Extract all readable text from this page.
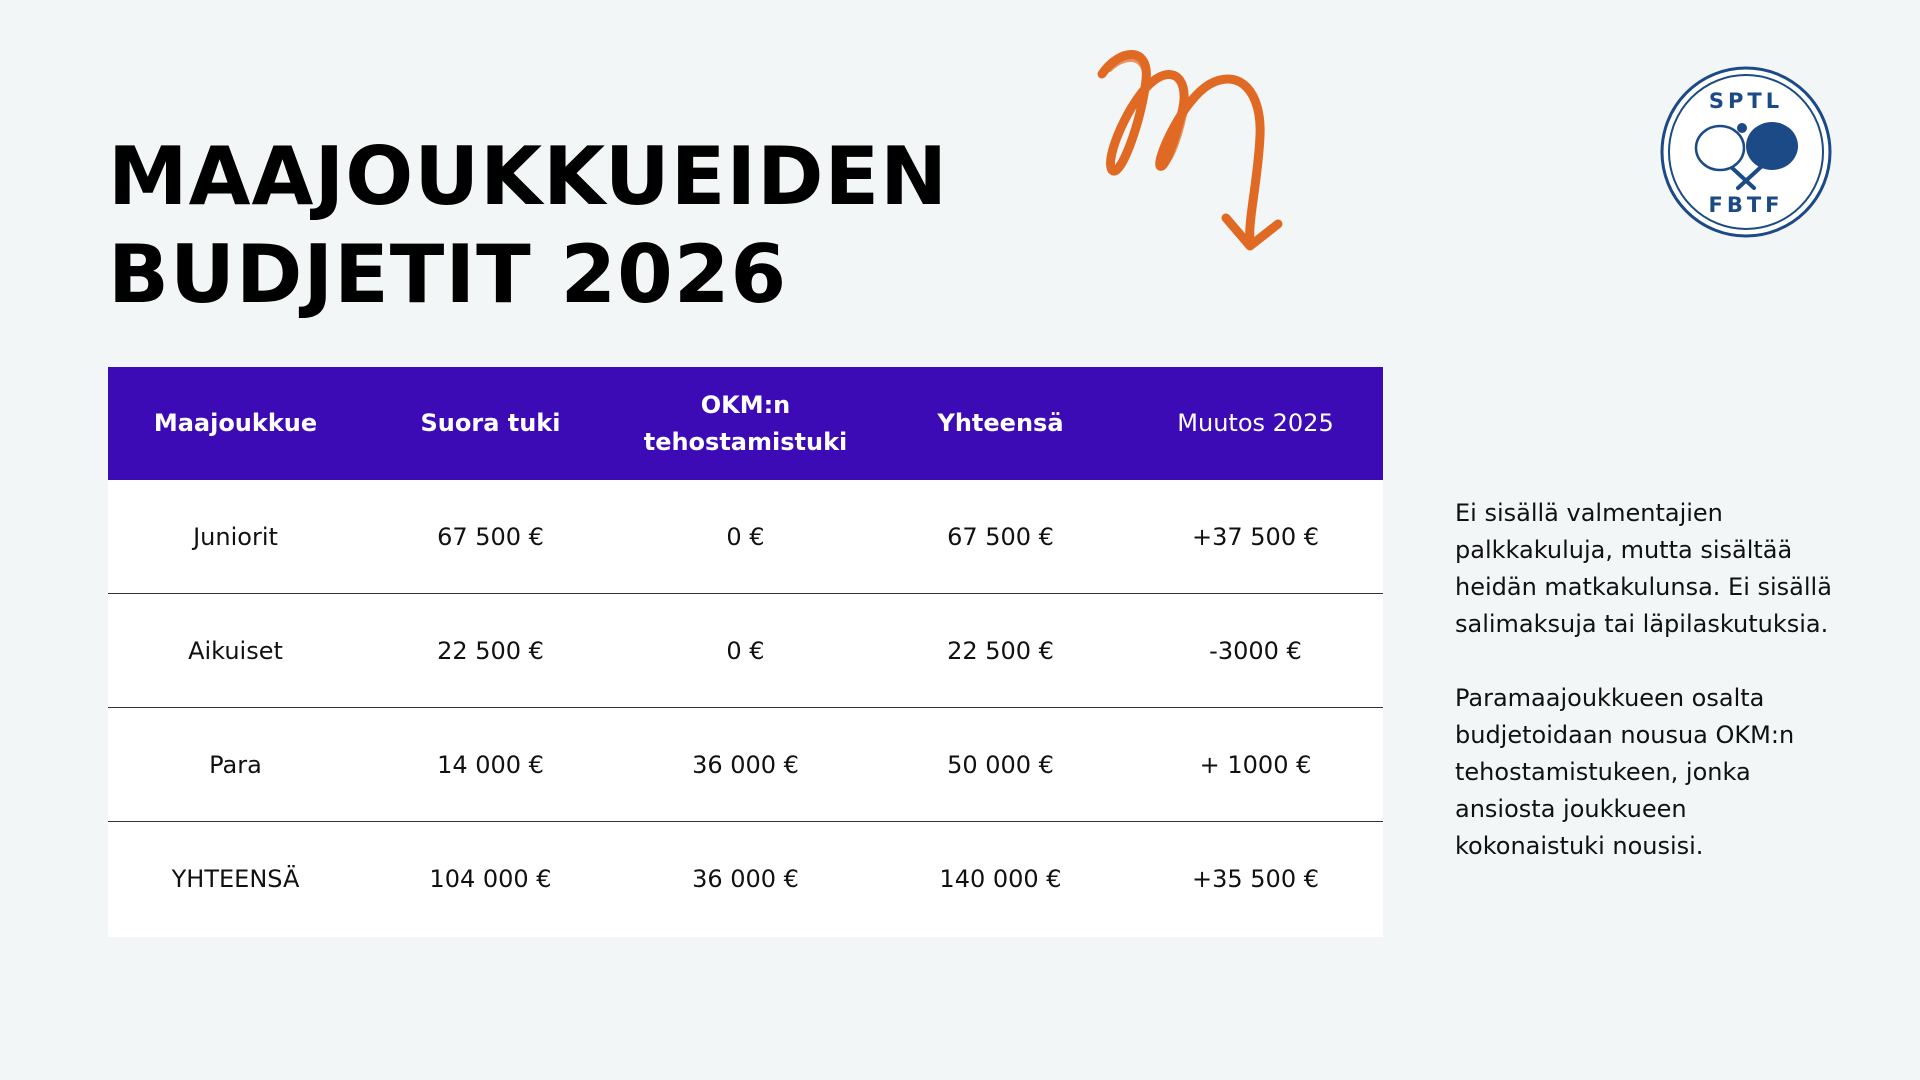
MAAJOUKKUEIDEN
BUDJETIT 2026
SPTL
FBTF
Maajoukkue	Suora tuki	OKM:n tehostamistuki	Yhteensä	Muutos 2025
Juniorit	67 500 €	0 €	67 500 €	+37 500 €
Aikuiset	22 500 €	0 €	22 500 €	-3000 €
Para	14 000 €	36 000 €	50 000 €	+ 1000 €
YHTEENSÄ	104 000 €	36 000 €	140 000 €	+35 500 €

Ei sisällä valmentajien palkkakuluja, mutta sisältää heidän matkakulunsa. Ei sisällä salimaksuja tai läpilaskutuksia.

Paramaajoukkueen osalta budjetoidaan nousua OKM:n tehostamistukeen, jonka ansiosta joukkueen kokonaistuki nousisi.
